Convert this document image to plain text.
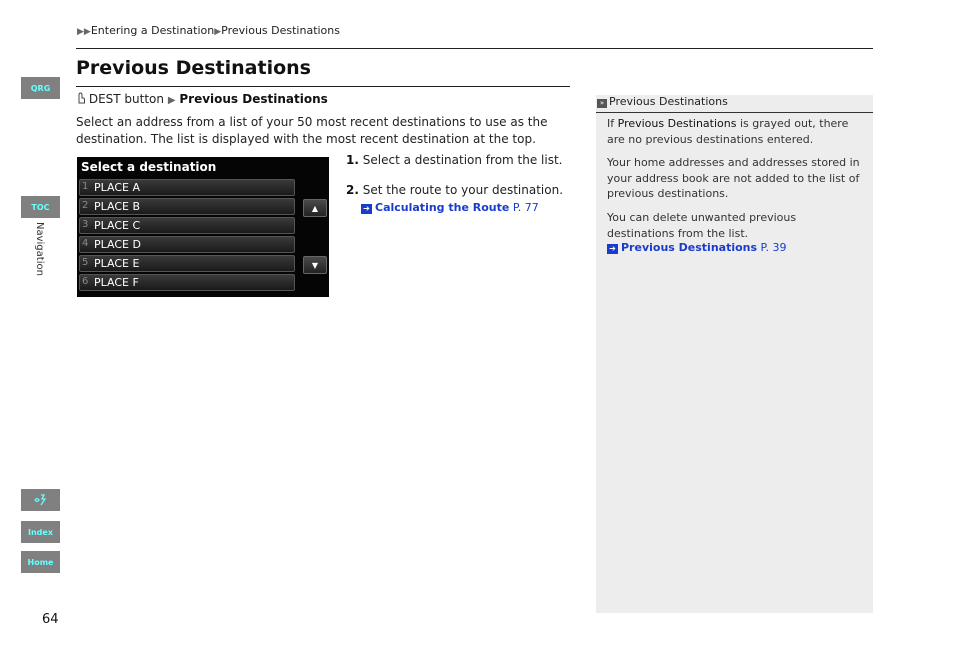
▶▶Entering a Destination▶Previous Destinations
Previous Destinations
QRG
TOC
Navigation
Index
Home
DEST button ▶ Previous Destinations
Select an address from a list of your 50 most recent destinations to use as the destination. The list is displayed with the most recent destination at the top.
Select a destination
1 PLACE A
2 PLACE B
3 PLACE C
4 PLACE D
5 PLACE E
6 PLACE F
▲
▼
1. Select a destination from the list.
2. Set the route to your destination.
➔ Calculating the Route P. 77
» Previous Destinations

If Previous Destinations is grayed out, there are no previous destinations entered.

Your home addresses and addresses stored in your address book are not added to the list of previous destinations.

You can delete unwanted previous destinations from the list.

➔ Previous Destinations P. 39
64
